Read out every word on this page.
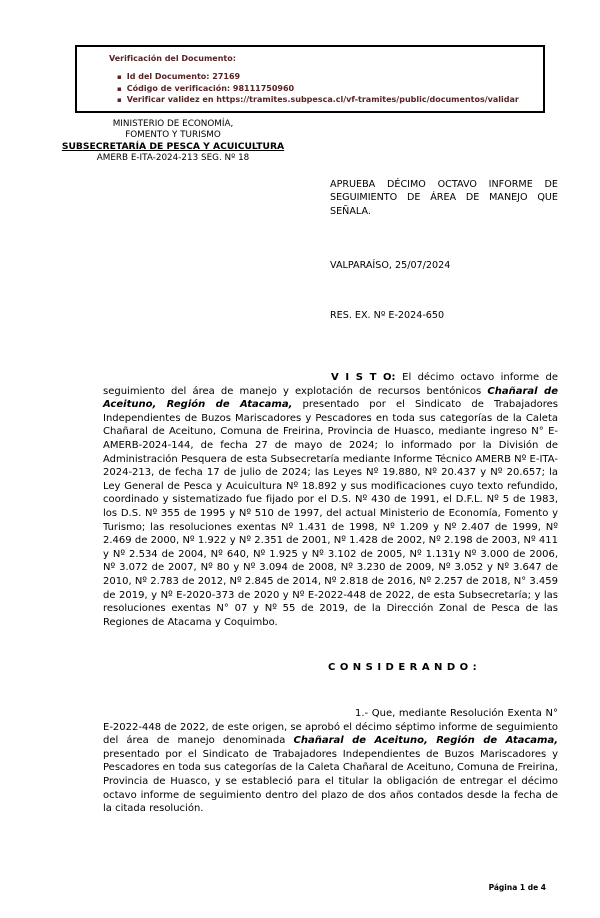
Verificación del Documento:
▪ Id del Documento: 27169
▪ Código de verificación: 98111750960
▪ Verificar validez en https://tramites.subpesca.cl/vf-tramites/public/documentos/validar
MINISTERIO DE ECONOMÍA,
FOMENTO Y TURISMO
SUBSECRETARÍA DE PESCA Y ACUICULTURA
AMERB E-ITA-2024-213 SEG. Nº 18
APRUEBA DÉCIMO OCTAVO INFORME DE SEGUIMIENTO DE ÁREA DE MANEJO QUE SEÑALA.
VALPARAÍSO, 25/07/2024
RES. EX. Nº E-2024-650

V I S T O: El décimo octavo informe de seguimiento del área de manejo y explotación de recursos bentónicos Chañaral de Aceituno, Región de Atacama, presentado por el Sindicato de Trabajadores Independientes de Buzos Mariscadores y Pescadores en toda sus categorías de la Caleta Chañaral de Aceituno, Comuna de Freirina, Provincia de Huasco, mediante ingreso N° E-AMERB-2024-144, de fecha 27 de mayo de 2024; lo informado por la División de Administración Pesquera de esta Subsecretaría mediante Informe Técnico AMERB Nº E-ITA-2024-213, de fecha 17 de julio de 2024; las Leyes Nº 19.880, Nº 20.437 y Nº 20.657; la Ley General de Pesca y Acuicultura Nº 18.892 y sus modificaciones cuyo texto refundido, coordinado y sistematizado fue fijado por el D.S. Nº 430 de 1991, el D.F.L. Nº 5 de 1983, los D.S. Nº 355 de 1995 y Nº 510 de 1997, del actual Ministerio de Economía, Fomento y Turismo; las resoluciones exentas Nº 1.431 de 1998, Nº 1.209 y Nº 2.407 de 1999, Nº 2.469 de 2000, Nº 1.922 y Nº 2.351 de 2001, Nº 1.428 de 2002, Nº 2.198 de 2003, Nº 411 y Nº 2.534 de 2004, Nº 640, Nº 1.925 y Nº 3.102 de 2005, Nº 1.131y Nº 3.000 de 2006, Nº 3.072 de 2007, Nº 80 y Nº 3.094 de 2008, Nº 3.230 de 2009, Nº 3.052 y Nº 3.647 de 2010, Nº 2.783 de 2012, Nº 2.845 de 2014, Nº 2.818 de 2016, Nº 2.257 de 2018, N° 3.459 de 2019, y Nº E-2020-373 de 2020 y Nº E-2022-448 de 2022, de esta Subsecretaría; y las resoluciones exentas N° 07 y Nº 55 de 2019, de la Dirección Zonal de Pesca de las Regiones de Atacama y Coquimbo.

C O N S I D E R A N D O :

1.- Que, mediante Resolución Exenta N° E-2022-448 de 2022, de este origen, se aprobó el décimo séptimo informe de seguimiento del área de manejo denominada Chañaral de Aceituno, Región de Atacama, presentado por el Sindicato de Trabajadores Independientes de Buzos Mariscadores y Pescadores en toda sus categorías de la Caleta Chañaral de Aceituno, Comuna de Freirina, Provincia de Huasco, y se estableció para el titular la obligación de entregar el décimo octavo informe de seguimiento dentro del plazo de dos años contados desde la fecha de la citada resolución.

Página 1 de 4
